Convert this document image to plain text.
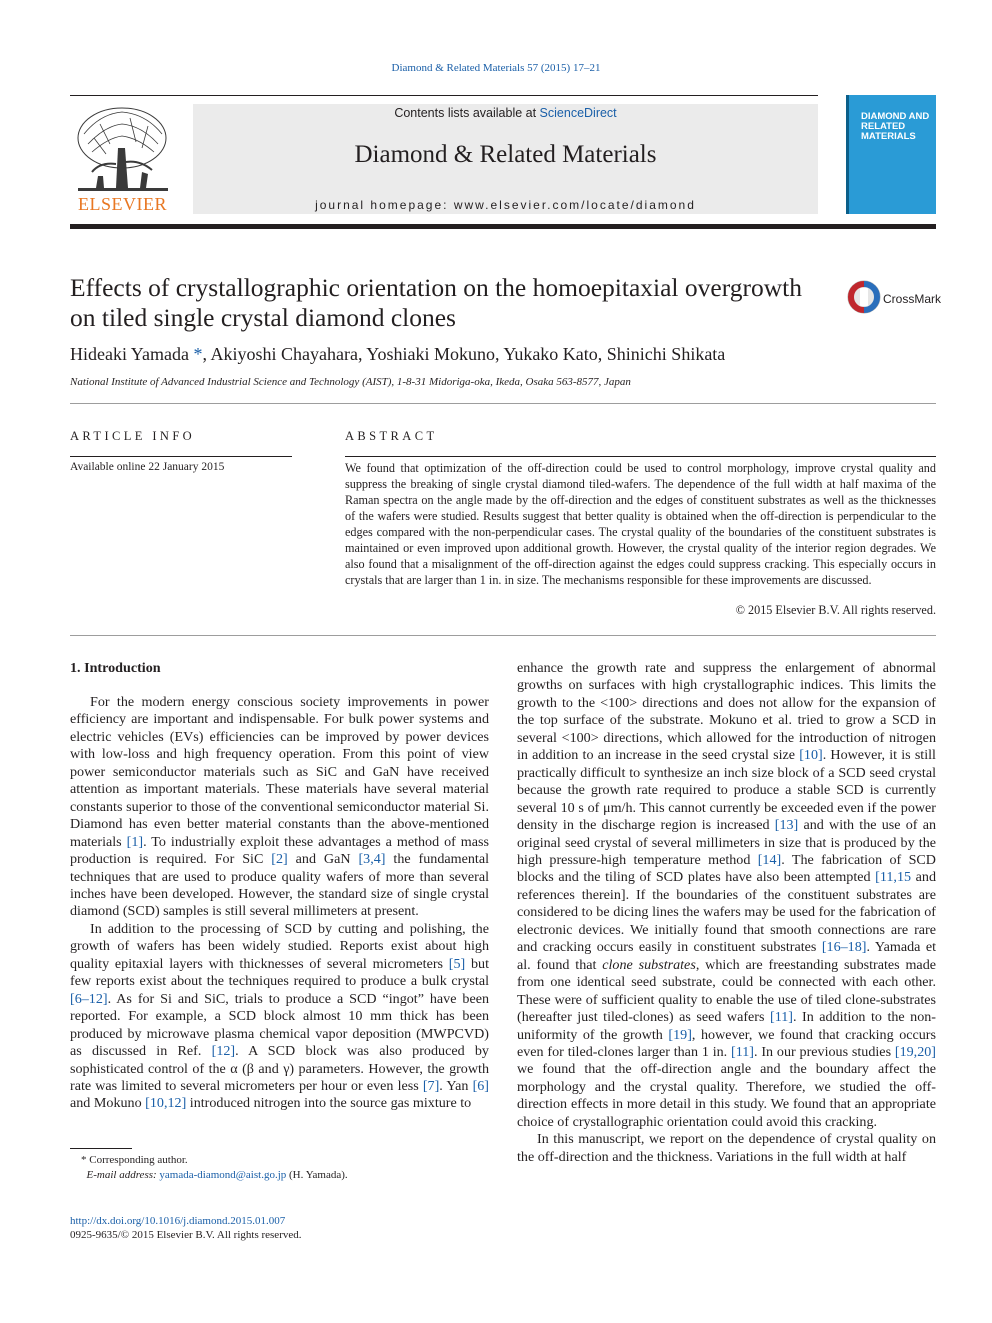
Diamond & Related Materials 57 (2015) 17–21
Contents lists available at ScienceDirect
Diamond & Related Materials
journal homepage: www.elsevier.com/locate/diamond
ELSEVIER
DIAMOND AND RELATED MATERIALS
Effects of crystallographic orientation on the homoepitaxial overgrowth on tiled single crystal diamond clones
CrossMark
Hideaki Yamada *, Akiyoshi Chayahara, Yoshiaki Mokuno, Yukako Kato, Shinichi Shikata
National Institute of Advanced Industrial Science and Technology (AIST), 1-8-31 Midoriga-oka, Ikeda, Osaka 563-8577, Japan
ARTICLE INFO
Available online 22 January 2015
ABSTRACT
We found that optimization of the off-direction could be used to control morphology, improve crystal quality and suppress the breaking of single crystal diamond tiled-wafers. The dependence of the full width at half maxima of the Raman spectra on the angle made by the off-direction and the edges of constituent substrates as well as the thicknesses of the wafers were studied. Results suggest that better quality is obtained when the off-direction is perpendicular to the edges compared with the non-perpendicular cases. The crystal quality of the boundaries of the constituent substrates is maintained or even improved upon additional growth. However, the crystal quality of the interior region degrades. We also found that a misalignment of the off-direction against the edges could suppress cracking. This especially occurs in crystals that are larger than 1 in. in size. The mechanisms responsible for these improvements are discussed.
© 2015 Elsevier B.V. All rights reserved.
1. Introduction

For the modern energy conscious society improvements in power efficiency are important and indispensable. For bulk power systems and electric vehicles (EVs) efficiencies can be improved by power devices with low-loss and high frequency operation. From this point of view power semiconductor materials such as SiC and GaN have received attention as important materials. These materials have several material constants superior to those of the conventional semiconductor material Si. Diamond has even better material constants than the above-mentioned materials [1]. To industrially exploit these advantages a method of mass production is required. For SiC [2] and GaN [3,4] the fundamental techniques that are used to produce quality wafers of more than several inches have been developed. However, the standard size of single crystal diamond (SCD) samples is still several millimeters at present.

In addition to the processing of SCD by cutting and polishing, the growth of wafers has been widely studied. Reports exist about high quality epitaxial layers with thicknesses of several micrometers [5] but few reports exist about the techniques required to produce a bulk crystal [6–12]. As for Si and SiC, trials to produce a SCD “ingot” have been reported. For example, a SCD block almost 10 mm thick has been produced by microwave plasma chemical vapor deposition (MWPCVD) as discussed in Ref. [12]. A SCD block was also produced by sophisticated control of the α (β and γ) parameters. However, the growth rate was limited to several micrometers per hour or even less [7]. Yan [6] and Mokuno [10,12] introduced nitrogen into the source gas mixture to

enhance the growth rate and suppress the enlargement of abnormal growths on surfaces with high crystallographic indices. This limits the growth to the <100> directions and does not allow for the expansion of the top surface of the substrate. Mokuno et al. tried to grow a SCD in several <100> directions, which allowed for the introduction of nitrogen in addition to an increase in the seed crystal size [10]. However, it is still practically difficult to synthesize an inch size block of a SCD seed crystal because the growth rate required to produce a stable SCD is currently several 10 s of μm/h. This cannot currently be exceeded even if the power density in the discharge region is increased [13] and with the use of an original seed crystal of several millimeters in size that is produced by the high pressure-high temperature method [14]. The fabrication of SCD blocks and the tiling of SCD plates have also been attempted [11,15 and references therein]. If the boundaries of the constituent substrates are considered to be dicing lines the wafers may be used for the fabrication of electronic devices. We initially found that smooth connections are rare and cracking occurs easily in constituent substrates [16–18]. Yamada et al. found that clone substrates, which are freestanding substrates made from one identical seed substrate, could be connected with each other. These were of sufficient quality to enable the use of tiled clone-substrates (hereafter just tiled-clones) as seed wafers [11]. In addition to the non-uniformity of the growth [19], however, we found that cracking occurs even for tiled-clones larger than 1 in. [11]. In our previous studies [19,20] we found that the off-direction angle and the boundary affect the morphology and the crystal quality. Therefore, we studied the off-direction effects in more detail in this study. We found that an appropriate choice of crystallographic orientation could avoid this cracking.

In this manuscript, we report on the dependence of crystal quality on the off-direction and the thickness. Variations in the full width at half

* Corresponding author.
E-mail address: yamada-diamond@aist.go.jp (H. Yamada).
http://dx.doi.org/10.1016/j.diamond.2015.01.007
0925-9635/© 2015 Elsevier B.V. All rights reserved.
